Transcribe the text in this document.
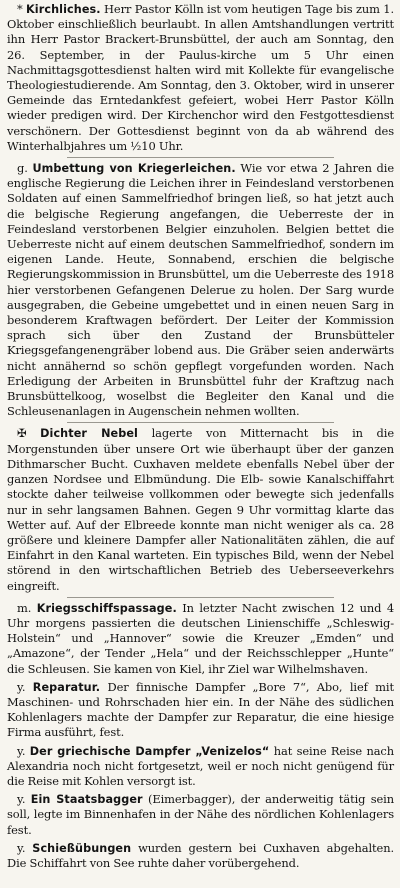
* Kirchliches. Herr Pastor Kölln ist vom heutigen Tage bis zum 1. Oktober einschließlich beurlaubt. In allen Amtshandlungen vertritt ihn Herr Pastor Brackert-Brunsbüttel, der auch am Sonntag, den 26. September, in der Paulus-kirche um 5 Uhr einen Nachmittagsgottesdienst halten wird mit Kollekte für evangelische Theologiestudierende. Am Sonntag, den 3. Oktober, wird in unserer Gemeinde das Erntedankfest gefeiert, wobei Herr Pastor Kölln wieder predigen wird. Der Kirchenchor wird den Festgottesdienst verschönern. Der Gottesdienst beginnt von da ab während des Winterhalbjahres um ½10 Uhr.

g. Umbettung von Kriegerleichen. Wie vor etwa 2 Jahren die englische Regierung die Leichen ihrer in Feindesland verstorbenen Soldaten auf einen Sammelfriedhof bringen ließ, so hat jetzt auch die belgische Regierung angefangen, die Ueberreste der in Feindesland verstorbenen Belgier einzuholen. Belgien bettet die Ueberreste nicht auf einem deutschen Sammelfriedhof, sondern im eigenen Lande. Heute, Sonnabend, erschien die belgische Regierungskommission in Brunsbüttel, um die Ueberreste des 1918 hier verstorbenen Gefangenen Delerue zu holen. Der Sarg wurde ausgegraben, die Gebeine umgebettet und in einen neuen Sarg in besonderem Kraftwagen befördert. Der Leiter der Kommission sprach sich über den Zustand der Brunsbütteler Kriegsgefangenengräber lobend aus. Die Gräber seien anderwärts nicht annähernd so schön gepflegt vorgefunden worden. Nach Erledigung der Arbeiten in Brunsbüttel fuhr der Kraftzug nach Brunsbüttelkoog, woselbst die Begleiter den Kanal und die Schleusenanlagen in Augenschein nehmen wollten.

✠ Dichter Nebel lagerte von Mitternacht bis in die Morgenstunden über unsere Ort wie überhaupt über der ganzen Dithmarscher Bucht. Cuxhaven meldete ebenfalls Nebel über der ganzen Nordsee und Elbmündung. Die Elb- sowie Kanalschiffahrt stockte daher teilweise vollkommen oder bewegte sich jedenfalls nur in sehr langsamen Bahnen. Gegen 9 Uhr vormittag klarte das Wetter auf. Auf der Elbreede konnte man nicht weniger als ca. 28 größere und kleinere Dampfer aller Nationalitäten zählen, die auf Einfahrt in den Kanal warteten. Ein typisches Bild, wenn der Nebel störend in den wirtschaftlichen Betrieb des Ueberseeverkehrs eingreift.

m. Kriegsschiffspassage. In letzter Nacht zwischen 12 und 4 Uhr morgens passierten die deutschen Linienschiffe „Schleswig-Holstein“ und „Hannover“ sowie die Kreuzer „Emden“ und „Amazone“, der Tender „Hela“ und der Reichsschlepper „Hunte“ die Schleusen. Sie kamen von Kiel, ihr Ziel war Wilhelmshaven.

y. Reparatur. Der finnische Dampfer „Bore 7“, Abo, lief mit Maschinen- und Rohrschaden hier ein. In der Nähe des südlichen Kohlenlagers machte der Dampfer zur Reparatur, die eine hiesige Firma ausführt, fest.

y. Der griechische Dampfer „Venizelos“ hat seine Reise nach Alexandria noch nicht fortgesetzt, weil er noch nicht genügend für die Reise mit Kohlen versorgt ist.

y. Ein Staatsbagger (Eimerbagger), der anderweitig tätig sein soll, legte im Binnenhafen in der Nähe des nördlichen Kohlenlagers fest.

y. Schießübungen wurden gestern bei Cuxhaven abgehalten. Die Schiffahrt von See ruhte daher vorübergehend.
